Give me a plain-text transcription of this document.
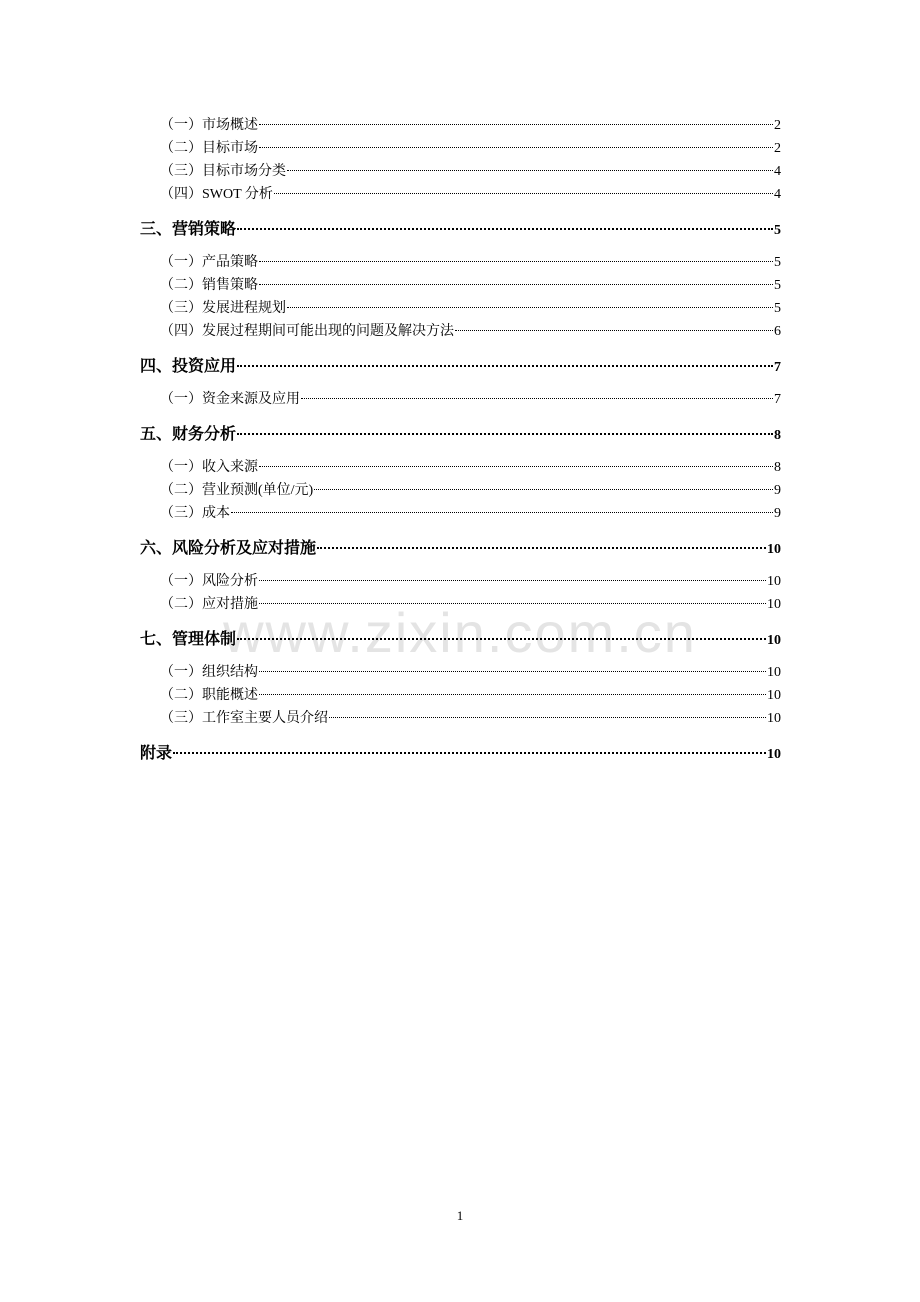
www.zixin.com.cn
（一）市场概述	2
（二）目标市场	2
（三）目标市场分类	4
（四）SWOT 分析	4
三、营销策略	5
（一）产品策略	5
（二）销售策略	5
（三）发展进程规划	5
（四）发展过程期间可能出现的问题及解决方法	6
四、投资应用	7
（一）资金来源及应用	7
五、财务分析	8
（一）收入来源	8
（二）营业预测(单位/元)	9
（三）成本	9
六、风险分析及应对措施	10
（一）风险分析	10
（二）应对措施	10
七、管理体制	10
（一）组织结构	10
（二）职能概述	10
（三）工作室主要人员介绍	10
附录	10
1
